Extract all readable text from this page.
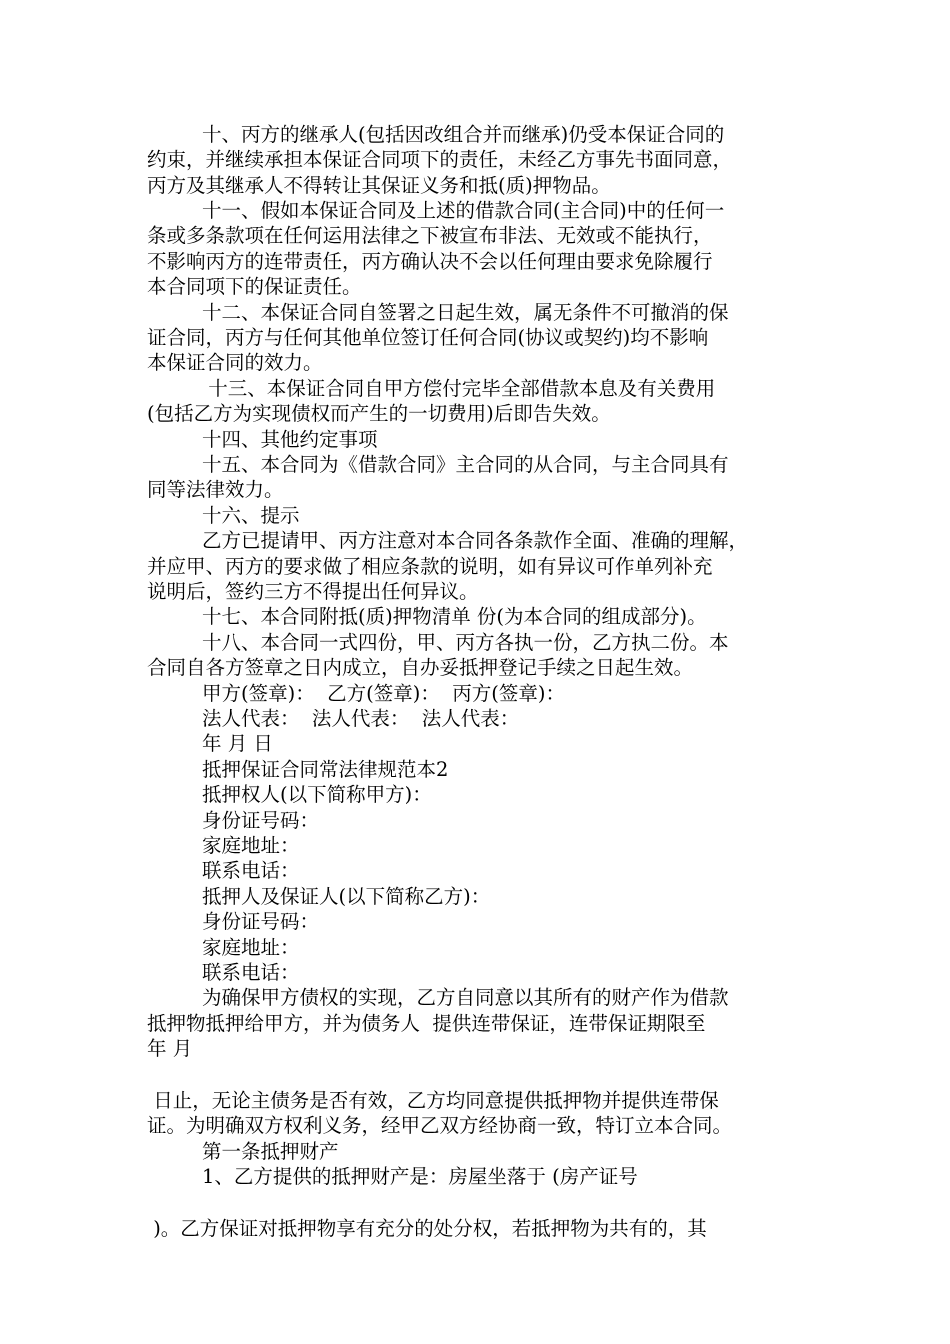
十、丙方的继承人(包括因改组合并而继承)仍受本保证合同的
约束，并继续承担本保证合同项下的责任，未经乙方事先书面同意，
丙方及其继承人不得转让其保证义务和抵(质)押物品。
十一、假如本保证合同及上述的借款合同(主合同)中的任何一
条或多条款项在任何运用法律之下被宣布非法、无效或不能执行，
不影响丙方的连带责任，丙方确认决不会以任何理由要求免除履行
本合同项下的保证责任。
十二、本保证合同自签署之日起生效，属无条件不可撤消的保
证合同，丙方与任何其他单位签订任何合同(协议或契约)均不影响
本保证合同的效力。
十三、本保证合同自甲方偿付完毕全部借款本息及有关费用
(包括乙方为实现债权而产生的一切费用)后即告失效。
十四、其他约定事项
十五、本合同为《借款合同》主合同的从合同，与主合同具有
同等法律效力。
十六、提示
乙方已提请甲、丙方注意对本合同各条款作全面、准确的理解，
并应甲、丙方的要求做了相应条款的说明，如有异议可作单列补充
说明后，签约三方不得提出任何异议。
十七、本合同附抵(质)押物清单 份(为本合同的组成部分)。
十八、本合同一式四份，甲、丙方各执一份，乙方执二份。本
合同自各方签章之日内成立，自办妥抵押登记手续之日起生效。
甲方(签章)：  乙方(签章)：  丙方(签章)：
法人代表：  法人代表：  法人代表：
年 月 日
抵押保证合同常法律规范本2
抵押权人(以下简称甲方)：
身份证号码：
家庭地址：
联系电话：
抵押人及保证人(以下简称乙方)：
身份证号码：
家庭地址：
联系电话：
为确保甲方债权的实现，乙方自同意以其所有的财产作为借款
抵押物抵押给甲方，并为债务人  提供连带保证，连带保证期限至
年 月
日止，无论主债务是否有效，乙方均同意提供抵押物并提供连带保
证。为明确双方权利义务，经甲乙双方经协商一致，特订立本合同。
第一条抵押财产
1、乙方提供的抵押财产是：房屋坐落于 (房产证号
)。乙方保证对抵押物享有充分的处分权，若抵押物为共有的，其
